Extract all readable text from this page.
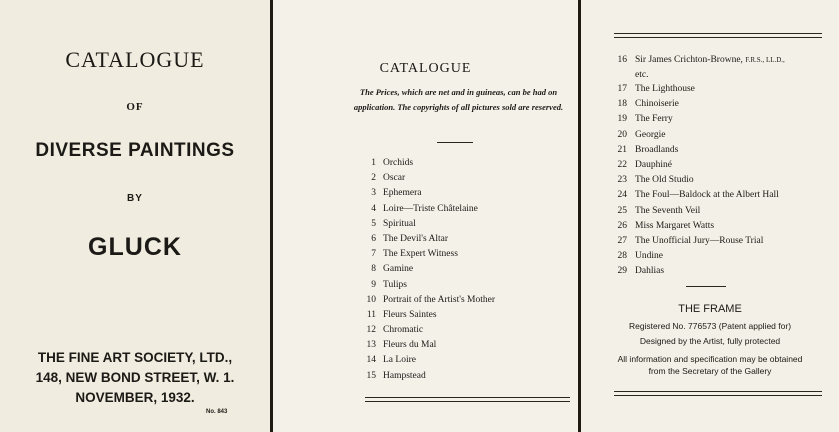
CATALOGUE
OF
DIVERSE PAINTINGS
BY
GLUCK
THE FINE ART SOCIETY, LTD.,
148, NEW BOND STREET, W. 1.
NOVEMBER, 1932.
No. 843
CATALOGUE
The Prices, which are net and in guineas, can be had on application. The copyrights of all pictures sold are reserved.
1 Orchids
2 Oscar
3 Ephemera
4 Loire—Triste Châtelaine
5 Spiritual
6 The Devil's Altar
7 The Expert Witness
8 Gamine
9 Tulips
10 Portrait of the Artist's Mother
11 Fleurs Saintes
12 Chromatic
13 Fleurs du Mal
14 La Loire
15 Hampstead
16 Sir James Crichton-Browne, F.R.S., LL.D.,
etc.
17 The Lighthouse
18 Chinoiserie
19 The Ferry
20 Georgie
21 Broadlands
22 Dauphiné
23 The Old Studio
24 The Foul—Baldock at the Albert Hall
25 The Seventh Veil
26 Miss Margaret Watts
27 The Unofficial Jury—Rouse Trial
28 Undine
29 Dahlias
THE FRAME
Registered No. 776573 (Patent applied for)
Designed by the Artist, fully protected
All information and specification may be obtained
from the Secretary of the Gallery
